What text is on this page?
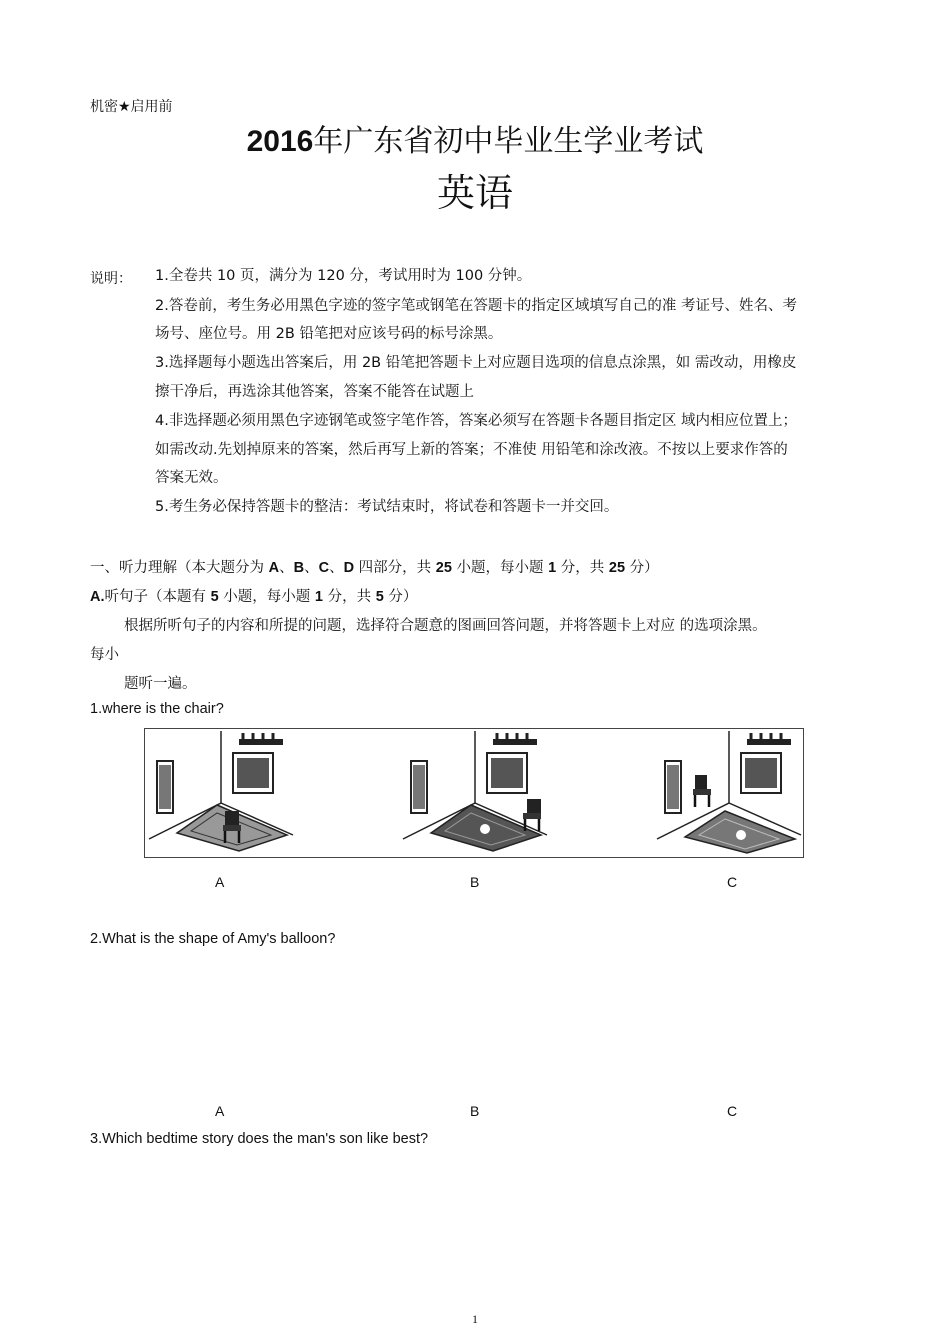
机密★启用前
2016年广东省初中毕业生学业考试
英语
说明： 1.全卷共 10 页，满分为 120 分，考试用时为 100 分钟。
2.答卷前，考生务必用黑色字迹的签字笔或钢笔在答题卡的指定区域填写自己的准 考证号、姓名、考
场号、座位号。用 2B 铅笔把对应该号码的标号涂黑。
3.选择题每小题选出答案后，用 2B 铅笔把答题卡上对应题目选项的信息点涂黑，如 需改动，用橡皮
擦干净后，再选涂其他答案，答案不能答在试题上
4.非选择题必须用黑色字迹钢笔或签字笔作答，答案必须写在答题卡各题目指定区 域内相应位置上；
如需改动.先划掉原来的答案，然后再写上新的答案；不准使 用铅笔和涂改液。不按以上要求作答的
答案无效。
5.考生务必保持答题卡的整洁：考试结束时，将试卷和答题卡一并交回。
一、听力理解（本大题分为 A、B、C、D 四部分，共 25 小题，每小题 1 分，共 25 分）
A.听句子（本题有 5 小题，每小题 1 分，共 5 分）
根据所听句子的内容和所提的问题，选择符合题意的图画回答问题，并将答题卡上对应 的选项涂黑。
每小
题听一遍。
1.where is the chair?
A	B	C
2.What is the shape of Amy's balloon?
A	B	C
3.Which bedtime story does the man's son like best?
1
